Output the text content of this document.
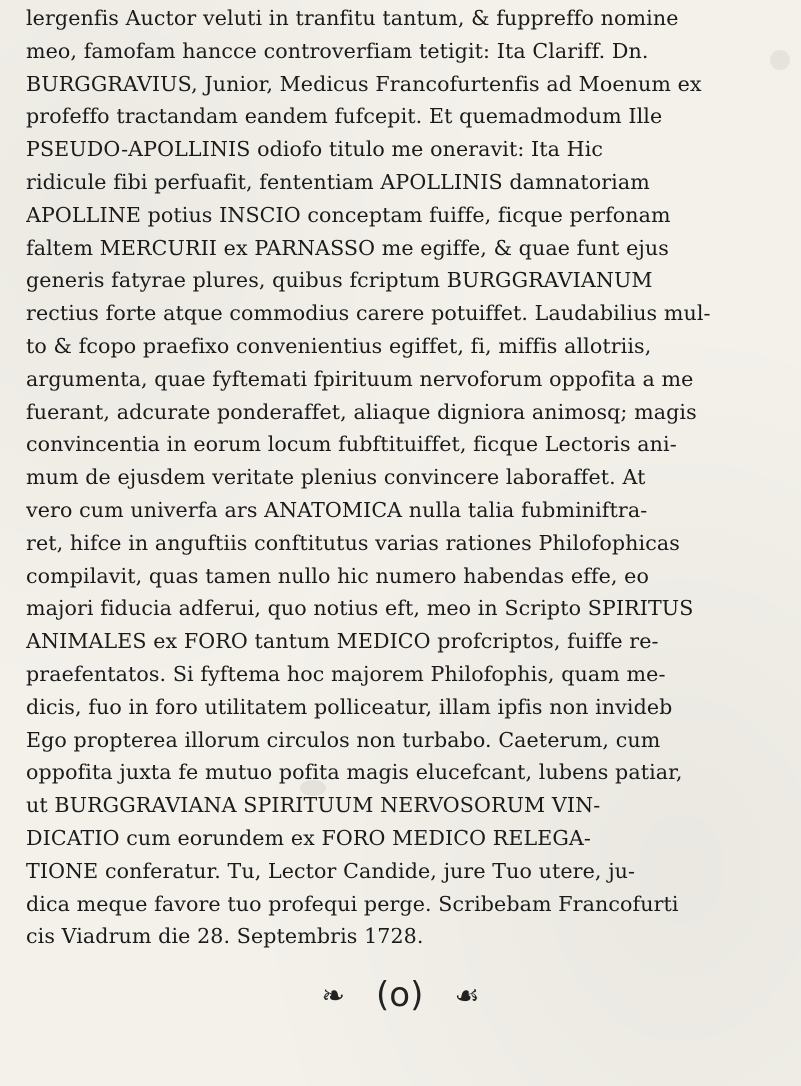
lergenfis Auctor veluti in tranfitu tantum, & fuppreffo nomine
meo, famofam hancce controverfiam tetigit: Ita Clariff. Dn.
BURGGRAVIUS, Junior, Medicus Francofurtenfis ad Moenum ex
profeffo tractandam eandem fufcepit. Et quemadmodum Ille
PSEUDO-APOLLINIS odiofo titulo me oneravit: Ita Hic
ridicule fibi perfuafit, fententiam APOLLINIS damnatoriam
APOLLINE potius INSCIO conceptam fuiffe, ficque perfonam
faltem MERCURII ex PARNASSO me egiffe, & quae funt ejus
generis fatyrae plures, quibus fcriptum BURGGRAVIANUM
rectius forte atque commodius carere potuiffet. Laudabilius mul-
to & fcopo praefixo convenientius egiffet, fi, miffis allotriis,
argumenta, quae fyftemati fpirituum nervoforum oppofita a me
fuerant, adcurate ponderaffet, aliaque digniora animosq; magis
convincentia in eorum locum fubftituiffet, ficque Lectoris ani-
mum de ejusdem veritate plenius convincere laboraffet. At
vero cum univerfa ars ANATOMICA nulla talia fubminiftra-
ret, hifce in anguftiis conftitutus varias rationes Philofophicas
compilavit, quas tamen nullo hic numero habendas effe, eo
majori fiducia adferui, quo notius eft, meo in Scripto SPIRITUS
ANIMALES ex FORO tantum MEDICO profcriptos, fuiffe re-
praefentatos. Si fyftema hoc majorem Philofophis, quam me-
dicis, fuo in foro utilitatem polliceatur, illam ipfis non invideb
Ego propterea illorum circulos non turbabo. Caeterum, cum
oppofita juxta fe mutuo pofita magis elucefcant, lubens patiar,
ut BURGGRAVIANA SPIRITUUM NERVOSORUM VIN-
DICATIO cum eorundem ex FORO MEDICO RELEGA-
TIONE conferatur. Tu, Lector Candide, jure Tuo utere, ju-
dica meque favore tuo profequi perge. Scribebam Francofurti
cis Viadrum die 28. Septembris 1728.
❧ (o) ☙
